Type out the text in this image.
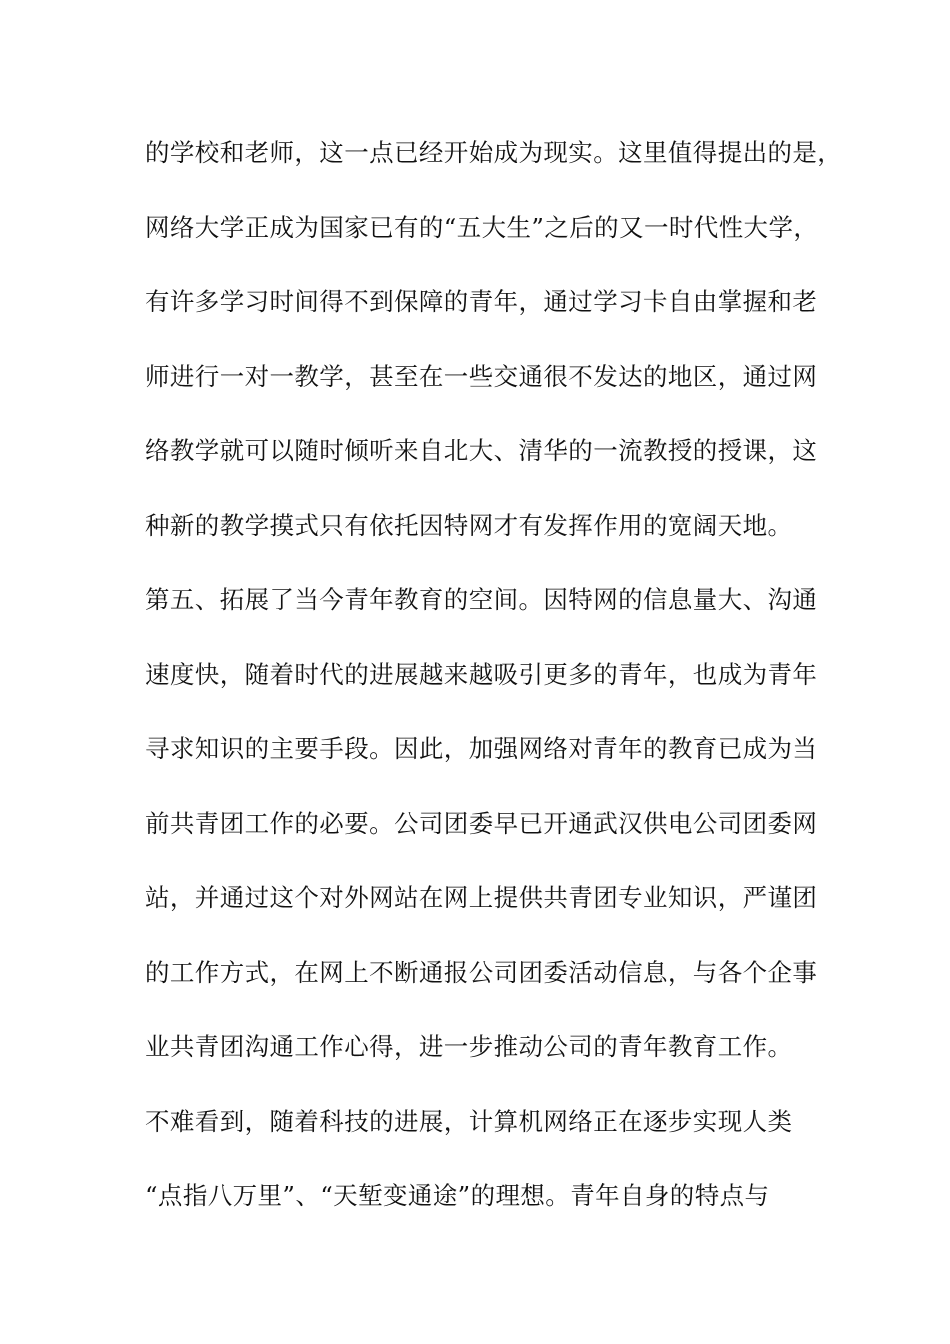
的学校和老师，这一点已经开始成为现实。这里值得提出的是，
网络大学正成为国家已有的“五大生”之后的又一时代性大学，
有许多学习时间得不到保障的青年，通过学习卡自由掌握和老
师进行一对一教学，甚至在一些交通很不发达的地区，通过网
络教学就可以随时倾听来自北大、清华的一流教授的授课，这
种新的教学摸式只有依托因特网才有发挥作用的宽阔天地。
第五、拓展了当今青年教育的空间。因特网的信息量大、沟通
速度快，随着时代的进展越来越吸引更多的青年，也成为青年
寻求知识的主要手段。因此，加强网络对青年的教育已成为当
前共青团工作的必要。公司团委早已开通武汉供电公司团委网
站，并通过这个对外网站在网上提供共青团专业知识，严谨团
的工作方式，在网上不断通报公司团委活动信息，与各个企事
业共青团沟通工作心得，进一步推动公司的青年教育工作。
不难看到，随着科技的进展，计算机网络正在逐步实现人类
“点指八万里”、“天堑变通途”的理想。青年自身的特点与
